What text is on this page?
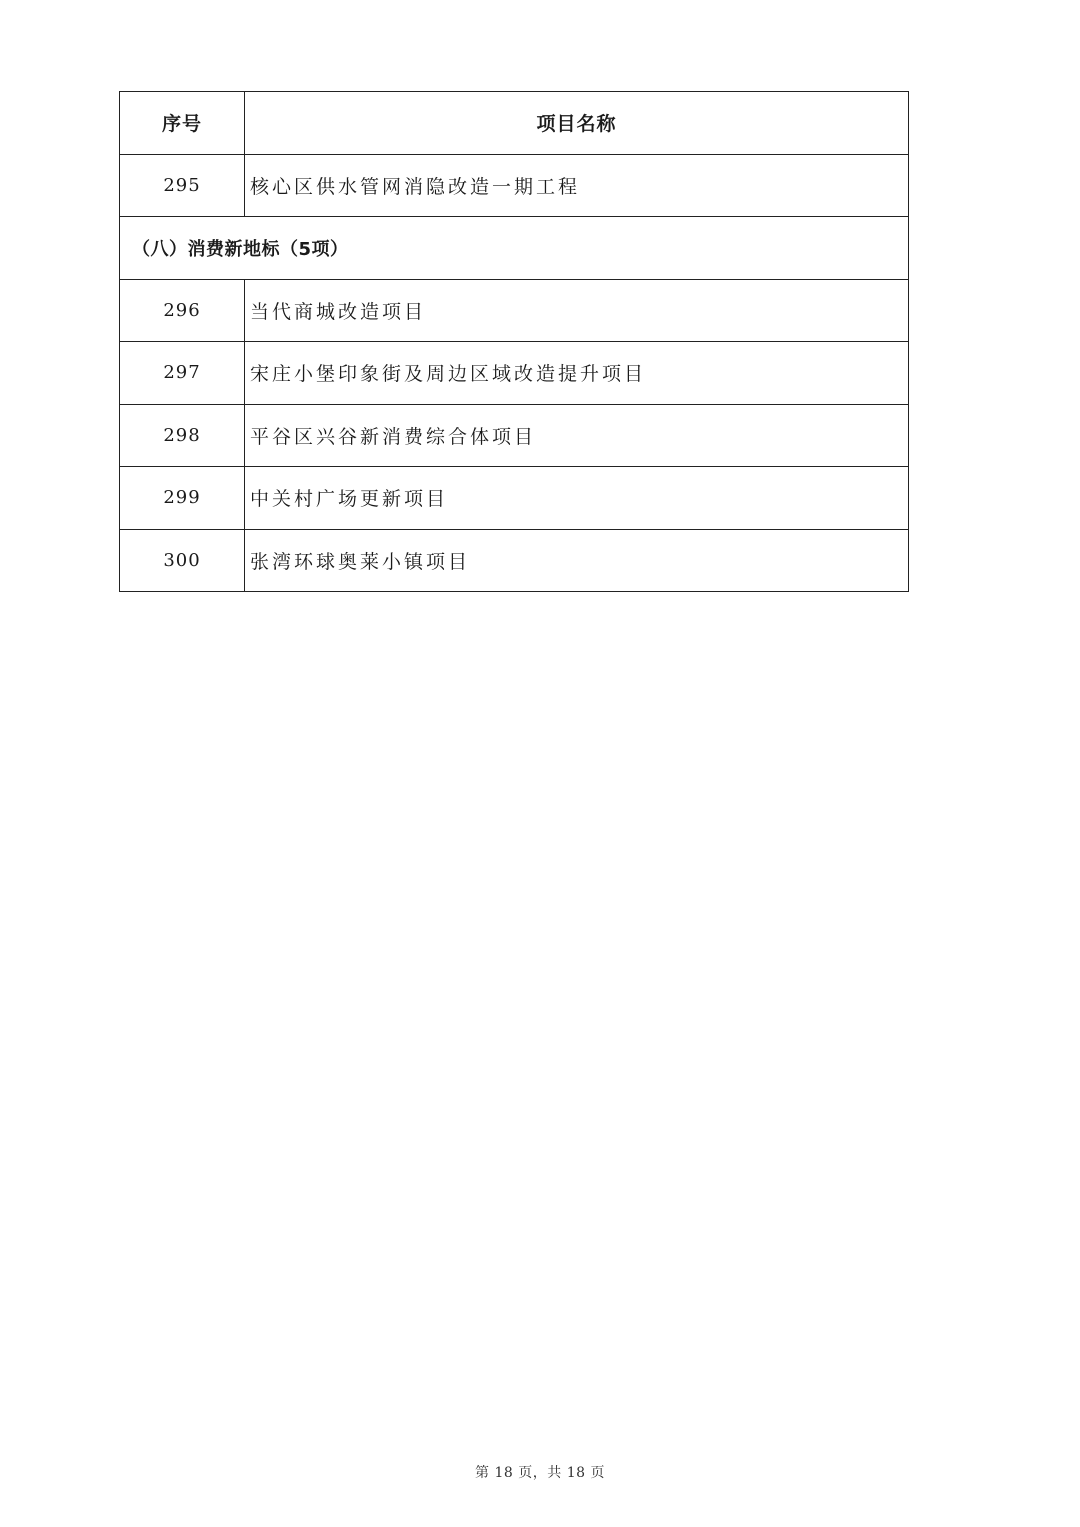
序号	项目名称
295	核心区供水管网消隐改造一期工程
（八）消费新地标（5项）	
296	当代商城改造项目
297	宋庄小堡印象街及周边区域改造提升项目
298	平谷区兴谷新消费综合体项目
299	中关村广场更新项目
300	张湾环球奥莱小镇项目
第 18 页，共 18 页
